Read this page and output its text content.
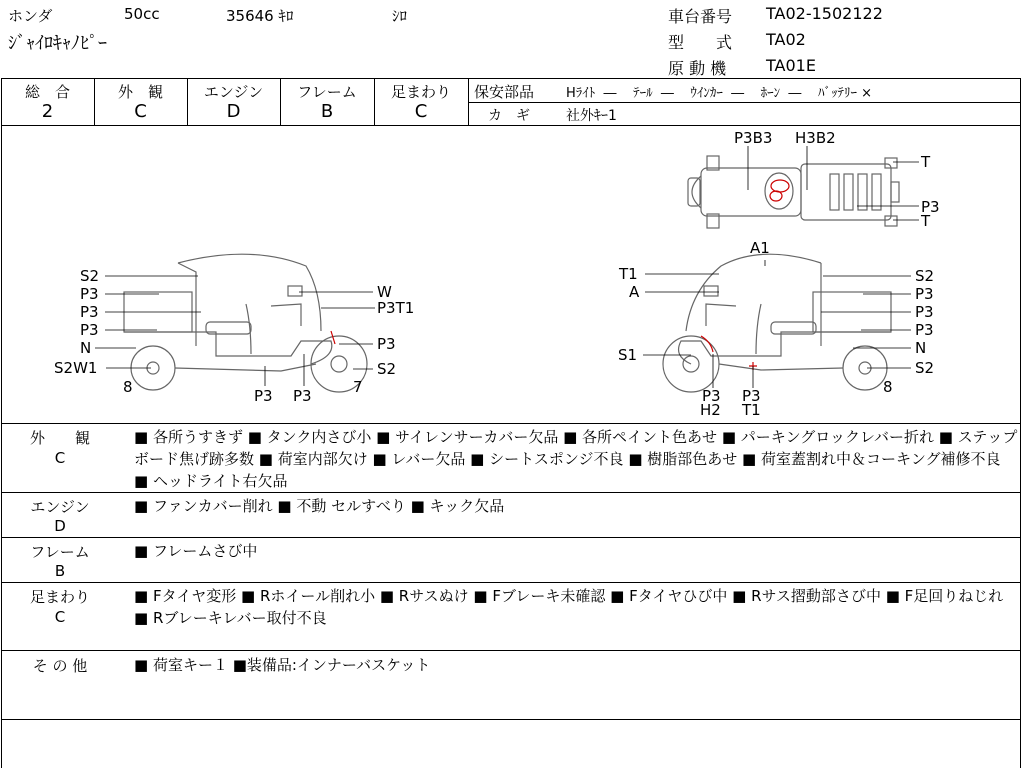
ホンダ	50cc	35646 ｷﾛ	ｼﾛ
ｼﾞｬｲﾛｷｬﾉﾋﾟｰ
車台番号 TA02-1502122
型　　式 TA02
原 動 機 TA01E
総　合
2
外　観
C
エンジン
D
フレーム
B
足まわり
C
保安部品 Hﾗｲﾄ  ―    ﾃｰﾙ  ―    ｳｲﾝｶｰ  ―    ﾎｰﾝ  ―    ﾊﾞｯﾃﾘｰ ×
カ　ギ	社外ｷｰ1
P3B3 H3B2
T
P3
T
S2
P3
P3
P3
N
S2W1
8
W
P3T1
P3
S2
7
P3 P3
A1
T1
A
S2
P3
P3
P3
N
S1
S2
8
P3
H2
P3
T1
外　　観
C
■ 各所うすきず ■ タンク内さび小 ■ サイレンサーカバー欠品 ■ 各所ペイント色あせ ■ パーキングロックレバー折れ ■ ステップボード焦げ跡多数 ■ 荷室内部欠け ■ レバー欠品 ■ シートスポンジ不良 ■ 樹脂部色あせ ■ 荷室蓋割れ中＆コーキング補修不良 ■ ヘッドライト右欠品
エンジン
D
■ ファンカバー削れ ■ 不動 セルすべり ■ キック欠品
フレーム
B
■ フレームさび中
足まわり
C
■ Fタイヤ変形 ■ Rホイール削れ小 ■ Rサスぬけ ■ Fブレーキ未確認 ■ Fタイヤひび中 ■ Rサス摺動部さび中 ■ F足回りねじれ ■ Rブレーキレバー取付不良
そ の 他	■ 荷室キー１ ■装備品:インナーバスケット
